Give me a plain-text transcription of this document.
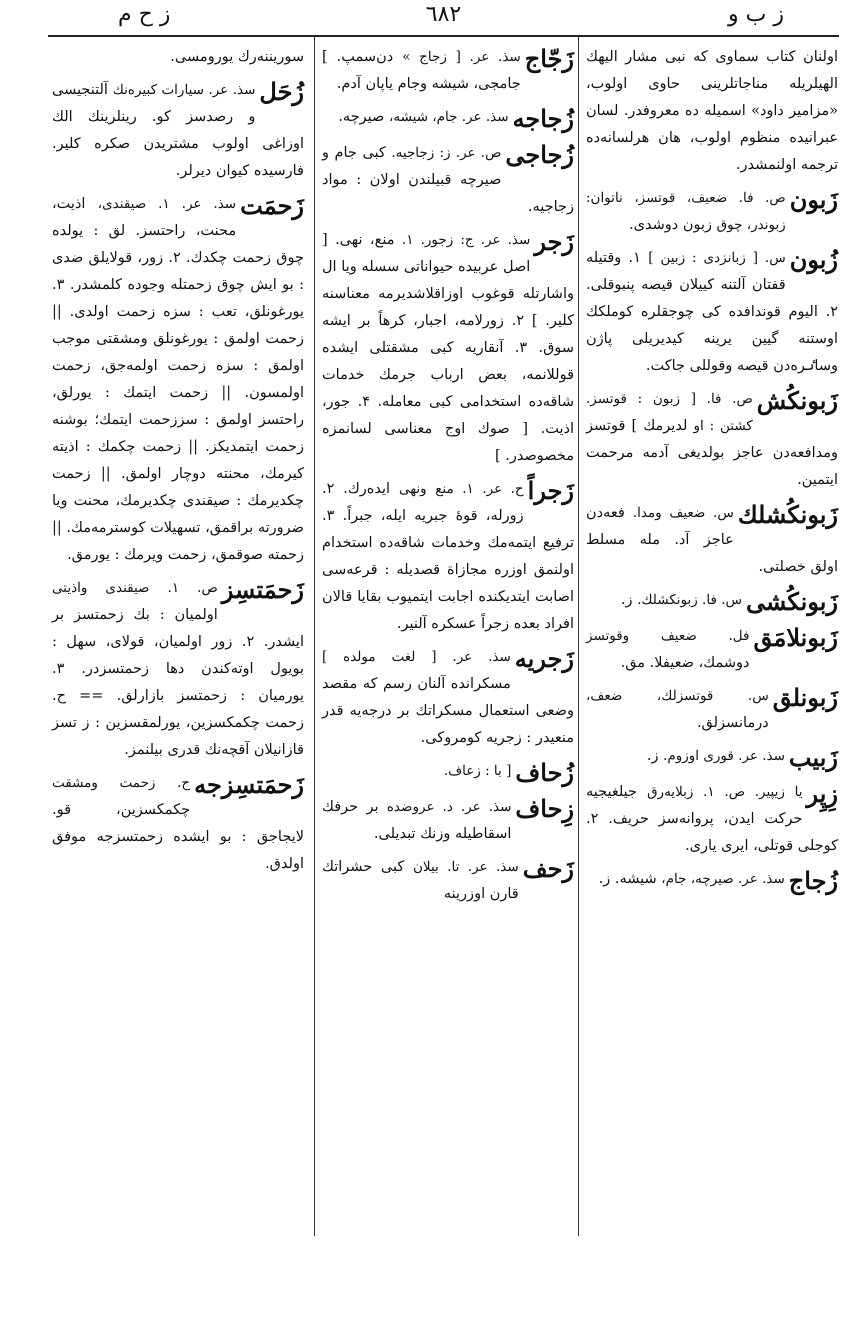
ز ب و
٦٨٢
ز ح م
اولنان کتاب سماوی که نبی مشار الیهك الهیلریله مناجاتلرینی حاوی اولوب، «مزامیر داود» اسمیله ده معروفدر. لسان عبرانیده منظوم اولوب، هان هرلسانه‌ده ترجمه اولنمشدر.
زَبون
ص. فا. ضعیف، قوتسز، ناتوان: زبوندر، چوق زبون دوشدی.
زُبون
س. [ زبانزدی : زبین ] ۱. وقتیله قفتان آلتنه کییلان قیصه پنبوقلی. ۲. الیوم قوندافده کی چوجقلره کوملکك اوستنه گیین یرینه کیدیریلی پاژن وساٸره‌دن قیصه وقوللی جاکت.
زَبونكُش
ص. فا. [ زبون : قوتسز. کشتن : او لدیرمك ] قوتسز ومدافعه‌دن عاجز بولدیغی آدمه مرحمت ایتمین.
زَبونكُشلك
س. ضعیف ومدا. فعه‌دن عاجز آد. مله مسلط اولق خصلتی.
زَبونكُشی
س. فا. زبونکشلك. ز.
زَبونلامَق
فل. ضعیف وقوتسز دوشمك، ضعیفلا. مق.
زَبونلق
س. قوتسزلك، ضعف، درمانسزلق.
زَبیب
سذ. عر. قوری اوزوم. ز.
زِپِر
یا زیپیر. ص. ۱. زبلایه‌رق جیلغیجیه حرکت ایدن، پروانه‌سز حریف. ۲. کوجلی قوتلی، ایری یاری.
زُجاج
سذ. عر. صیرچه، جام، شیشه. ز.
زَجّاج
سذ. عر. [ زجاج » دن‌سمپ. ] جامجی، شیشه وجام یاپان آدم.
زُجاجه
سذ. عر. جام، شیشه، صیرچه.
زُجاجی
ص. عر. ز: زجاجیه. کبی جام و صیرچه قبیلندن اولان : مواد زجاجیه.
زَجر
سذ. عر. ج: زجور. ۱. منع، نهی. [ اصل عربیده حیواناتی سسله ویا ال واشارتله قوغوب اوزاقلاشدیرمه معناسنه کلیر. ] ۲. زورلامه، اجبار، کرهاً بر ایشه سوق. ۳. آنقاریه کبی مشقتلی ایشده قوللانمه، بعض ارباب جرمك خدمات شاقه‌ده استخدامی کبی معامله. ۴. جور، اذیت. [ صوك اوج معناسی لسانمزه مخصوصدر. ]
زَجراً
ح. عر. ۱. منع ونهی ایده‌رك. ۲. زورله، قوۀ جبریه ایله، جبراً. ۳. ترفیع ایتمه‌مك وخدمات شاقه‌ده استخدام اولنمق اوزره مجازاة قصدیله : قرعه‌سی اصابت ایتدیکنده اجابت ایتمیوب بقایا قالان افراد بعده زجراً عسکره آلنیر.
زَجریه
سذ. عر. [ لغت مولده ] مسکرانده آلنان رسم که مقصد وضعی استعمال مسکراتك بر درجه‌یه قدر منعیدر : زجریه کومروکی.
زُحاف
[ با : زعاف.
زِحاف
سذ. عر. د. عروضده بر حرفك اسقاطیله وزنك تبدیلی.
زَحف
سذ. عر. تا. بیلان کبی حشراتك قارن اوزرینه
سوریننه‌رك یورومسی.
زُحَل
سذ. عر. سیارات کبیره‌نك آلتنجیسی و رصدسز کو. رینلرینك الك اوزاغی اولوب مشتریدن صکره کلیر. فارسیده کیوان دیرلر.
زَحمَت
سذ. عر. ۱. صیقندی، اذیت، محنت، راحتسز. لق : یولده چوق زحمت چکدك. ۲. زور، قولایلق ضدی : بو ایش چوق زحمتله وجوده کلمشدر. ۳. یورغونلق، تعب : سزه زحمت اولدی. || زحمت اولمق : یورغونلق ومشقتی موجب اولمق : سزه زحمت اولمه‌جق، زحمت اولمسون. || زحمت ایتمك : یورلق، راحتسز اولمق : سززحمت ایتمك؛ بوشنه زحمت ایتمدیکز. || زحمت چکمك : اذیته کیرمك، محنته دوچار اولمق. || زحمت چکدیرمك : صیقندی چکدیرمك، محنت ویا ضرورته براقمق، تسهیلات کوسترمه‌مك. || زحمته صوقمق، زحمت ویرمك : یورمق.
زَحمَتسِز
ص. ۱. صیقندی واذیتی اولمیان : بك زحمتسز بر ایشدر. ۲. زور اولمیان، قولای، سهل : بویول اوته‌کندن دها زحمتسزدر. ۳. یورمیان : زحمتسز بازارلق. == ح. زحمت چکمکسزین، یورلمقسزین : ز تسز قازانیلان آقچه‌نك قدری بیلنمز.
زَحمَتسِزجه
ح. زحمت ومشقت چکمکسزین، قو. لایجاجق : بو ایشده زحمتسزجه موفق اولدق.
